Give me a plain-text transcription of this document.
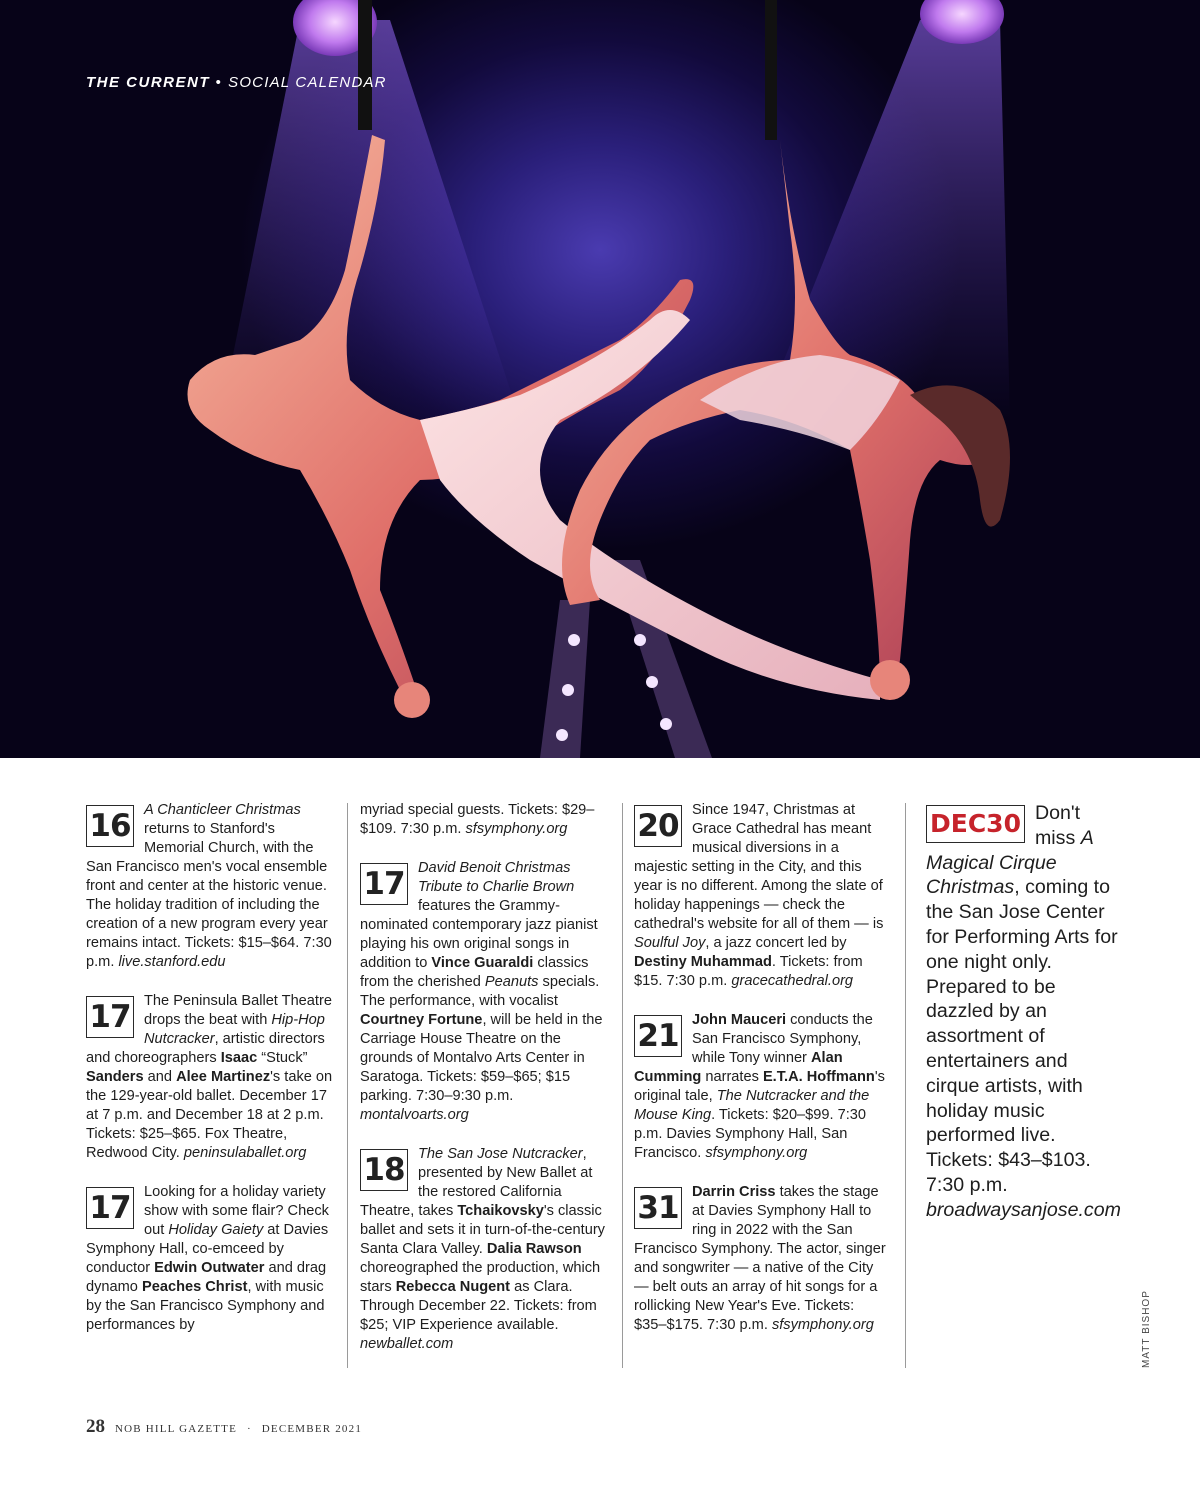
THE CURRENT • SOCIAL CALENDAR
16 A Chanticleer Christmas returns to Stanford's Memorial Church, with the San Francisco men's vocal ensemble front and center at the historic venue. The holiday tradition of including the creation of a new program every year remains intact. Tickets: $15–$64. 7:30 p.m. live.stanford.edu

17 The Peninsula Ballet Theatre drops the beat with Hip-Hop Nutcracker, artistic directors and choreographers Isaac “Stuck” Sanders and Alee Martinez's take on the 129-year-old ballet. December 17 at 7 p.m. and December 18 at 2 p.m. Tickets: $25–$65. Fox Theatre, Redwood City. peninsulaballet.org

17 Looking for a holiday variety show with some flair? Check out Holiday Gaiety at Davies Symphony Hall, co-emceed by conductor Edwin Outwater and drag dynamo Peaches Christ, with music by the San Francisco Symphony and performances by

myriad special guests. Tickets: $29–$109. 7:30 p.m. sfsymphony.org

17 David Benoit Christmas Tribute to Charlie Brown features the Grammy-nominated contemporary jazz pianist playing his own original songs in addition to Vince Guaraldi classics from the cherished Peanuts specials. The performance, with vocalist Courtney Fortune, will be held in the Carriage House Theatre on the grounds of Montalvo Arts Center in Saratoga. Tickets: $59–$65; $15 parking. 7:30–9:30 p.m. montalvoarts.org

18 The San Jose Nutcracker, presented by New Ballet at the restored California Theatre, takes Tchaikovsky's classic ballet and sets it in turn-of-the-century Santa Clara Valley. Dalia Rawson choreographed the production, which stars Rebecca Nugent as Clara. Through December 22. Tickets: from $25; VIP Experience available. newballet.com

20 Since 1947, Christmas at Grace Cathedral has meant musical diversions in a majestic setting in the City, and this year is no different. Among the slate of holiday happenings — check the cathedral's website for all of them — is Soulful Joy, a jazz concert led by Destiny Muhammad. Tickets: from $15. 7:30 p.m. gracecathedral.org

21 John Mauceri conducts the San Francisco Symphony, while Tony winner Alan Cumming narrates E.T.A. Hoffmann's original tale, The Nutcracker and the Mouse King. Tickets: $20–$99. 7:30 p.m. Davies Symphony Hall, San Francisco. sfsymphony.org

31 Darrin Criss takes the stage at Davies Symphony Hall to ring in 2022 with the San Francisco Symphony. The actor, singer and songwriter — a native of the City — belt outs an array of hit songs for a rollicking New Year's Eve. Tickets: $35–$175. 7:30 p.m. sfsymphony.org

DEC30 Don't miss A Magical Cirque Christmas, coming to the San Jose Center for Performing Arts for one night only. Prepared to be dazzled by an assortment of entertainers and cirque artists, with holiday music performed live. Tickets: $43–$103. 7:30 p.m. broadwaysanjose.com

MATT BISHOP
28 NOB HILL GAZETTE · DECEMBER 2021
